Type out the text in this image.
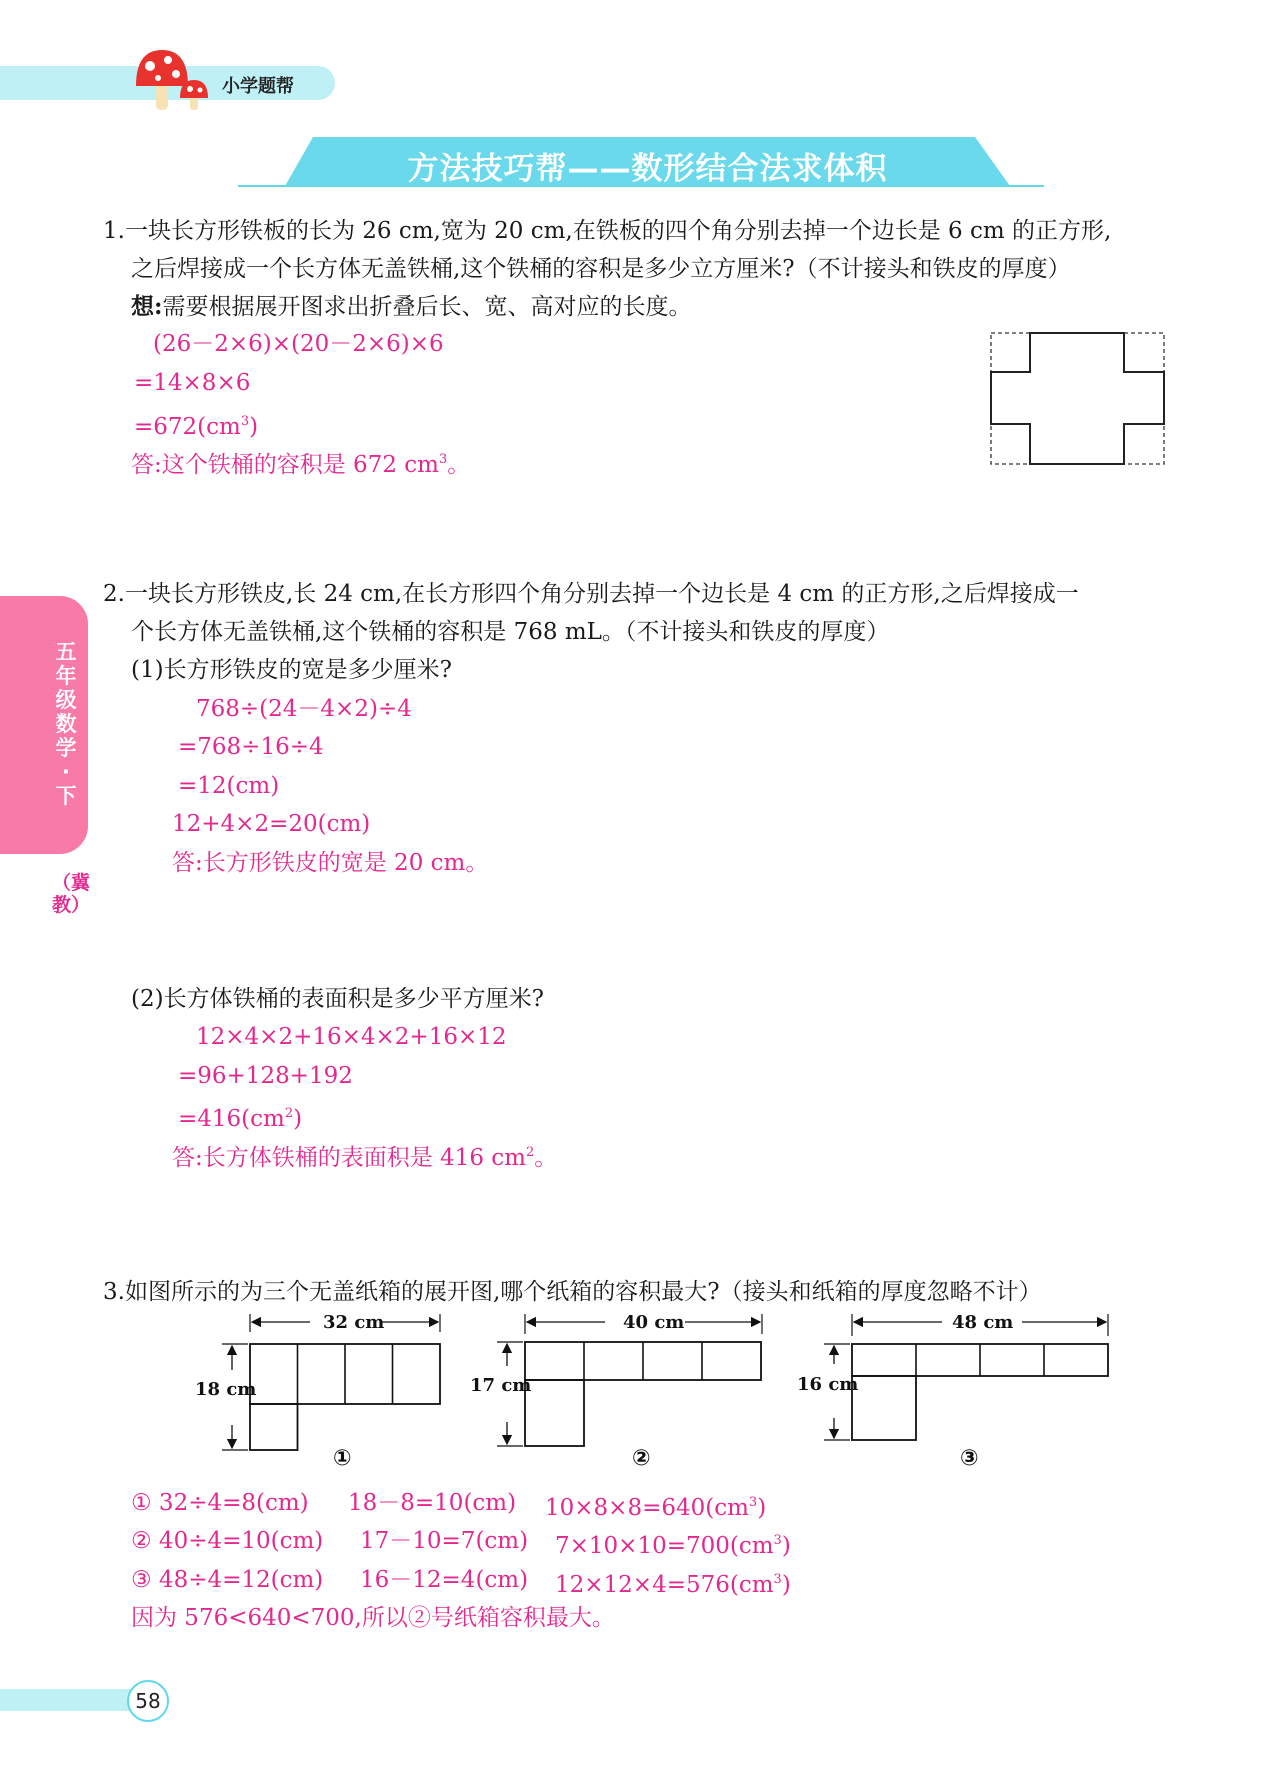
小学题帮
方法技巧帮——数形结合法求体积
五年级数学·下
（冀教）
1.一块长方形铁板的长为 26 cm,宽为 20 cm,在铁板的四个角分别去掉一个边长是 6 cm 的正方形,
之后焊接成一个长方体无盖铁桶,这个铁桶的容积是多少立方厘米?（不计接头和铁皮的厚度）
想:需要根据展开图求出折叠后长、宽、高对应的长度。
(26－2×6)×(20－2×6)×6
=14×8×6
$=672(cm^3)$
答:这个铁桶的容积是 672 $cm^3$。
2.一块长方形铁皮,长 24 cm,在长方形四个角分别去掉一个边长是 4 cm 的正方形,之后焊接成一
个长方体无盖铁桶,这个铁桶的容积是 768 mL。（不计接头和铁皮的厚度）
(1)长方形铁皮的宽是多少厘米?
768÷(24－4×2)÷4
=768÷16÷4
=12(cm)
12+4×2=20(cm)
答:长方形铁皮的宽是 20 cm。
(2)长方体铁桶的表面积是多少平方厘米?
12×4×2+16×4×2+16×12
=96+128+192
$=416(cm^2)$
答:长方体铁桶的表面积是 416 $cm^2$。
3.如图所示的为三个无盖纸箱的展开图,哪个纸箱的容积最大?（接头和纸箱的厚度忽略不计）
32 cm
18 cm
①
40 cm
17 cm
②
48 cm
16 cm
③
① 32÷4=8(cm) 18－8=10(cm) $10\times 8\times 8=640(cm^3)$
② 40÷4=10(cm) 17－10=7(cm) $7\times 10\times 10=700(cm^3)$
③ 48÷4=12(cm) 16－12=4(cm) $12\times 12\times 4=576(cm^3)$
因为 576<640<700,所以②号纸箱容积最大。
58
